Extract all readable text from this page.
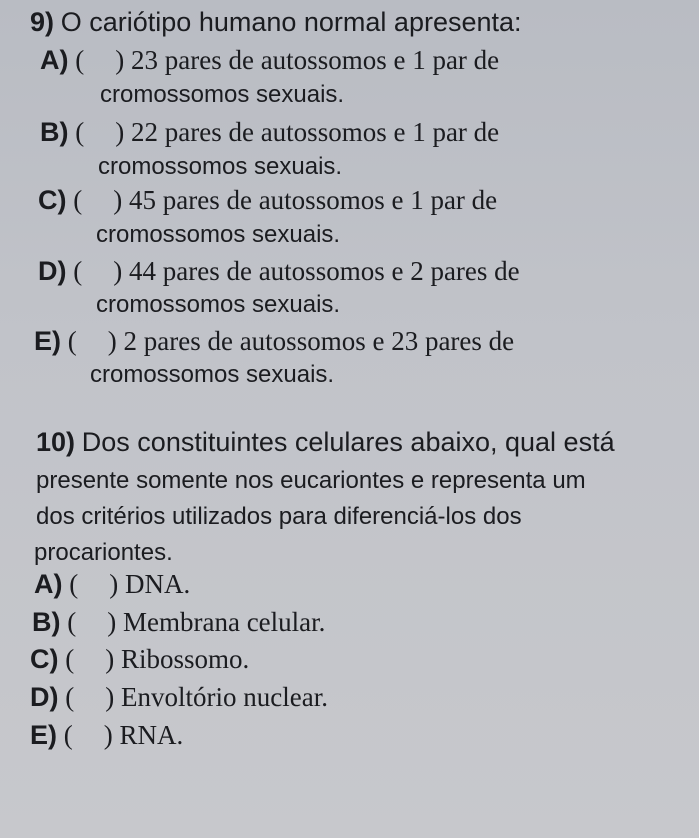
9) O cariótipo humano normal apresenta:
A) ( ) 23 pares de autossomos e 1 par de
cromossomos sexuais.
B) ( ) 22 pares de autossomos e 1 par de
cromossomos sexuais.
C) ( ) 45 pares de autossomos e 1 par de
cromossomos sexuais.
D) ( ) 44 pares de autossomos e 2 pares de
cromossomos sexuais.
E) ( ) 2 pares de autossomos e 23 pares de
cromossomos sexuais.
10) Dos constituintes celulares abaixo, qual está
presente somente nos eucariontes e representa um
dos critérios utilizados para diferenciá-los dos
procariontes.
A) ( ) DNA.
B) ( ) Membrana celular.
C) ( ) Ribossomo.
D) ( ) Envoltório nuclear.
E) ( ) RNA.
